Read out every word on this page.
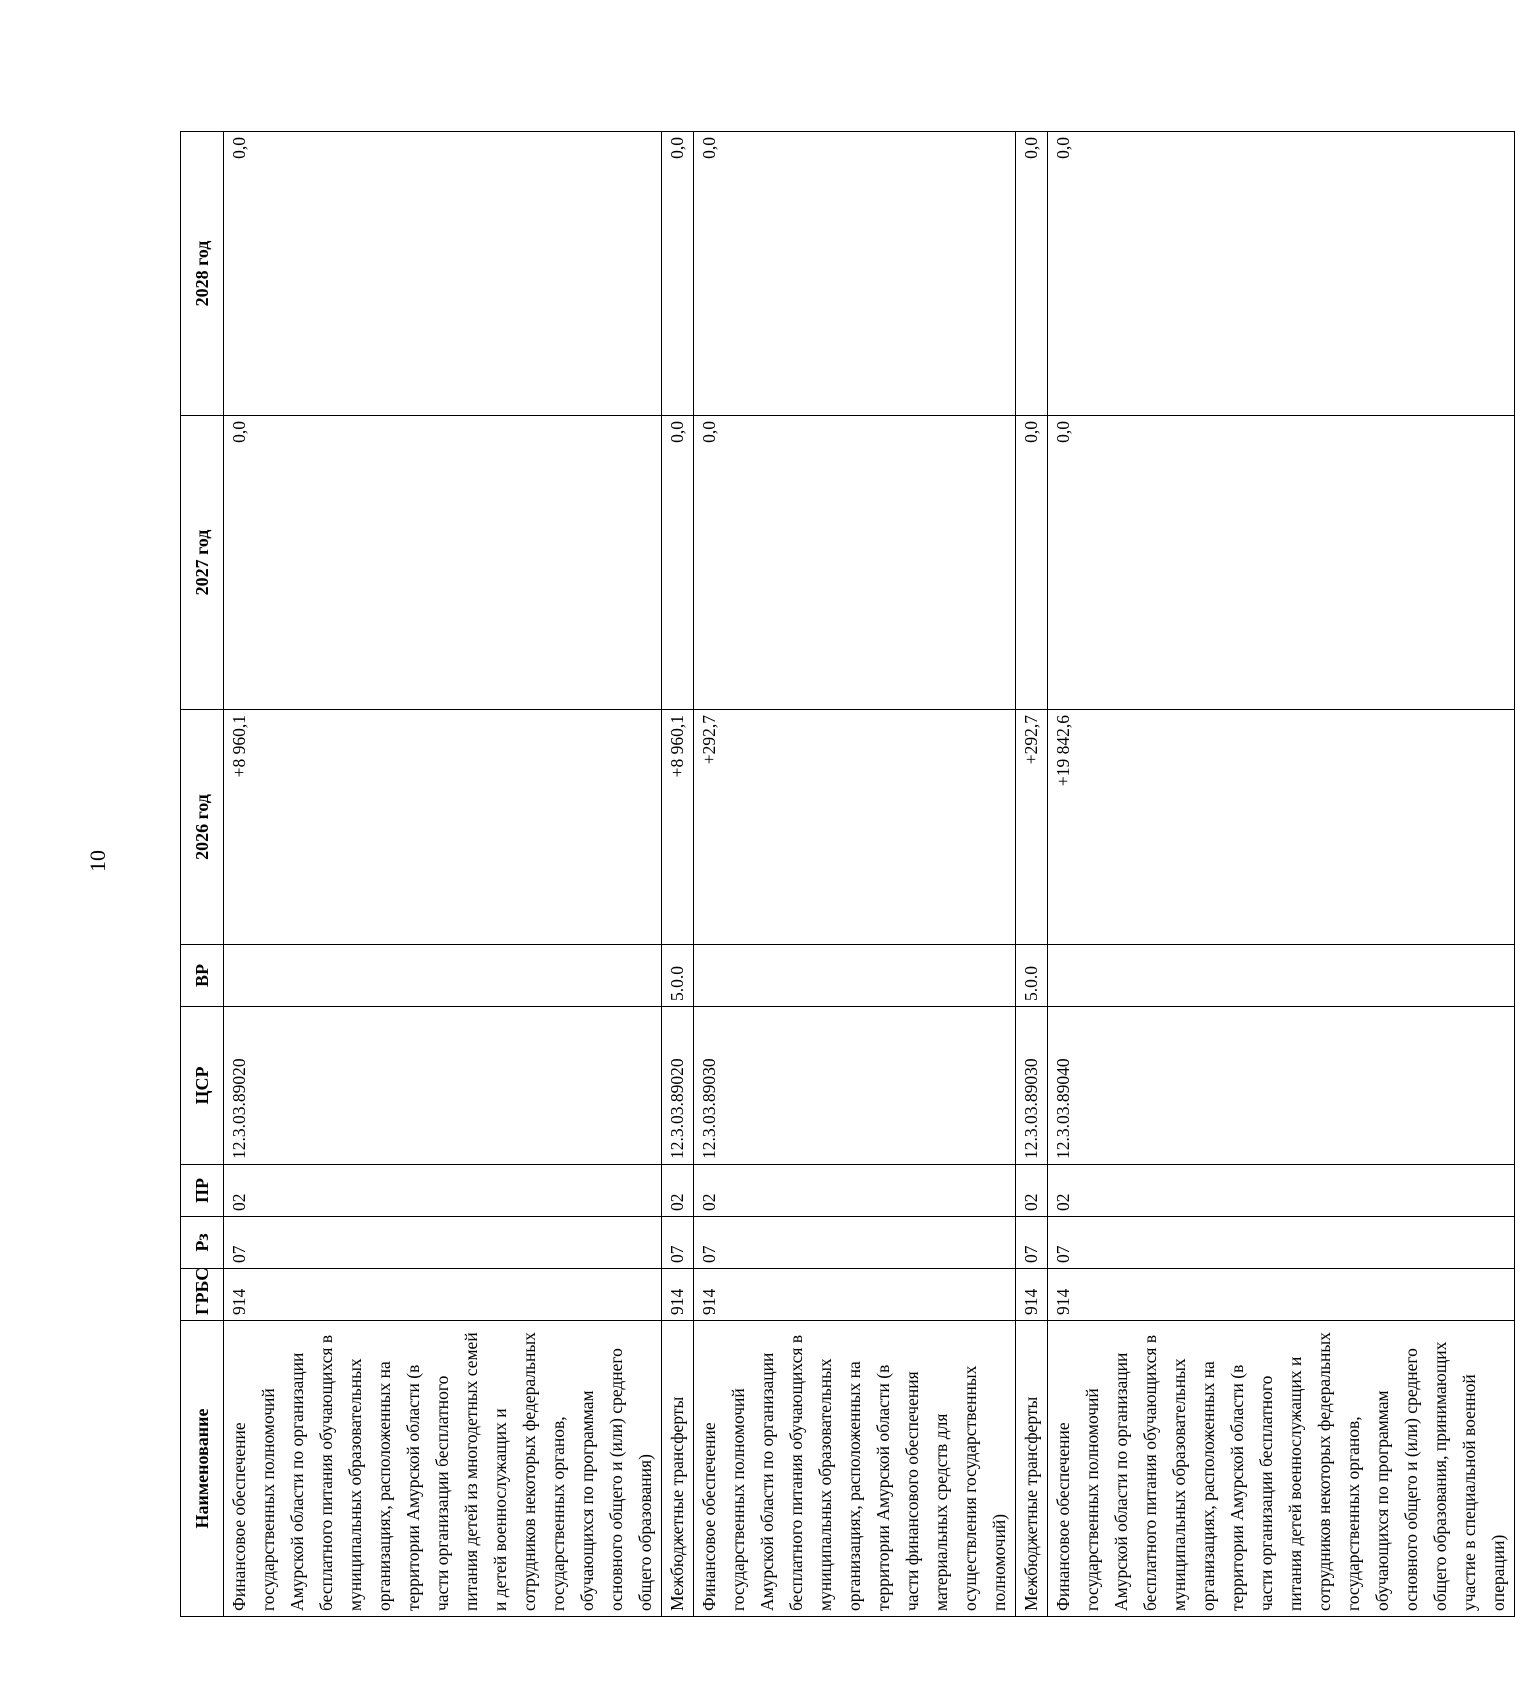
10
Наименование	ГРБС	Рз	ПР	ЦСР	ВР	2026 год	2027 год	2028 год
Финансовое обеспечение государственных полномочий Амурской области по организации бесплатного питания обучающихся в муниципальных образовательных организациях, расположенных на территории Амурской области (в части организации бесплатного питания детей из многодетных семей и детей военнослужащих и сотрудников некоторых федеральных государственных органов, обучающихся по программам основного общего и (или) среднего общего образования)	914	07	02	12.3.03.89020		+8 960,1	0,0	0,0
Межбюджетные трансферты	914	07	02	12.3.03.89020	5.0.0	+8 960,1	0,0	0,0
Финансовое обеспечение государственных полномочий Амурской области по организации бесплатного питания обучающихся в муниципальных образовательных организациях, расположенных на территории Амурской области (в части финансового обеспечения материальных средств для осуществления государственных полномочий)	914	07	02	12.3.03.89030		+292,7	0,0	0,0
Межбюджетные трансферты	914	07	02	12.3.03.89030	5.0.0	+292,7	0,0	0,0
Финансовое обеспечение государственных полномочий Амурской области по организации бесплатного питания обучающихся в муниципальных образовательных организациях, расположенных на территории Амурской области (в части организации бесплатного питания детей военнослужащих и сотрудников некоторых федеральных государственных органов, обучающихся по программам основного общего и (или) среднего общего образования, принимающих участие в специальной военной операции)	914	07	02	12.3.03.89040		+19 842,6	0,0	0,0
